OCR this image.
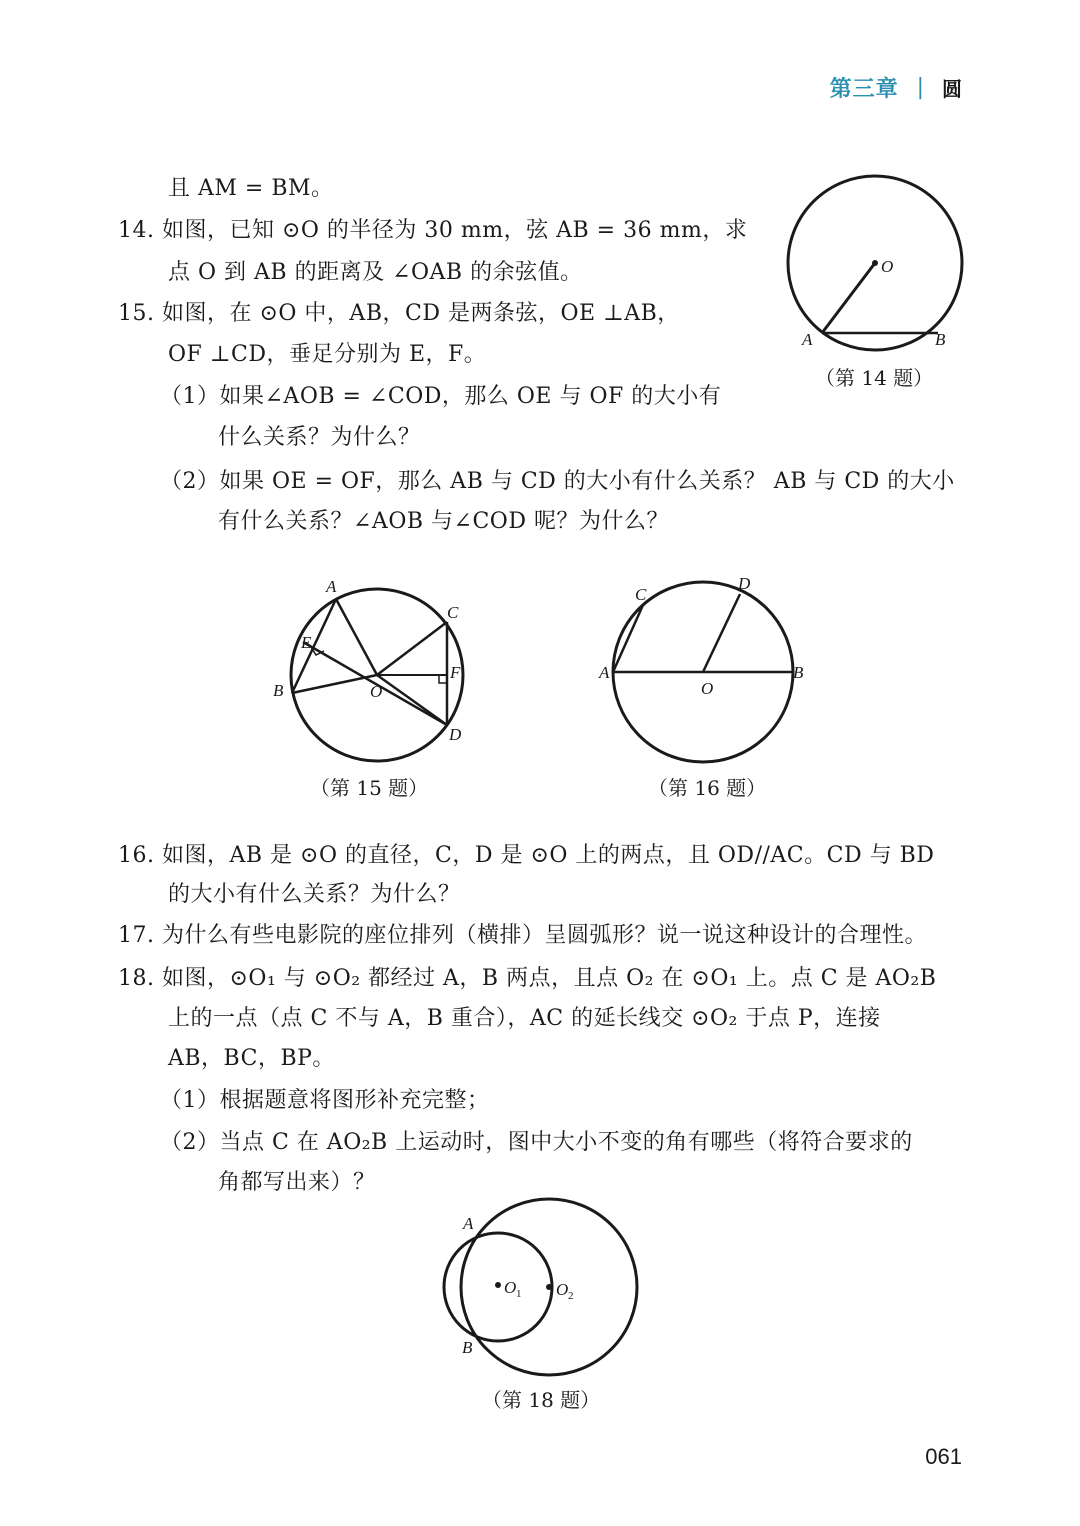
第三章 | 圆
且 AM = BM。
14. 如图，已知 ⊙O 的半径为 30 mm，弦 AB = 36 mm，求
点 O 到 AB 的距离及 ∠OAB 的余弦值。
15. 如图，在 ⊙O 中，AB，CD 是两条弦，OE ⊥AB，
OF ⊥CD，垂足分别为 E，F。
（1）如果∠AOB = ∠COD，那么 OE 与 OF 的大小有
什么关系？为什么？
（2）如果 OE = OF，那么 AB 与 CD 的大小有什么关系？ AB 与 CD 的大小
有什么关系？∠AOB 与∠COD 呢？为什么？
O
A	B
（第 14 题）
A
B
C
D
E
F
O
（第 15 题）
A	B
C
D
O
（第 16 题）
16. 如图，AB 是 ⊙O 的直径，C，D 是 ⊙O 上的两点，且 OD//AC。CD 与 BD
的大小有什么关系？为什么？
17. 为什么有些电影院的座位排列（横排）呈圆弧形？说一说这种设计的合理性。
18. 如图，⊙O₁ 与 ⊙O₂ 都经过 A，B 两点，且点 O₂ 在 ⊙O₁ 上。点 C 是 AO₂B
上的一点（点 C 不与 A，B 重合），AC 的延长线交 ⊙O₂ 于点 P，连接
AB，BC，BP。
（1）根据题意将图形补充完整；
（2）当点 C 在 AO₂B 上运动时，图中大小不变的角有哪些（将符合要求的
角都写出来）？
A
B
O 1 O 2
（第 18 题）
061
